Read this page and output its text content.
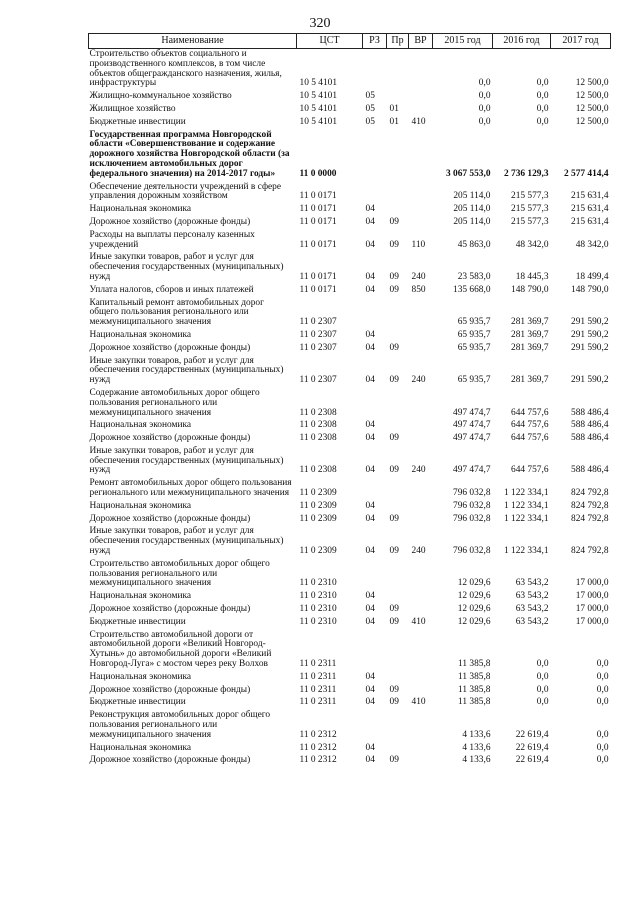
320
Наименование	ЦСТ	РЗ	Пр	ВР	2015 год	2016 год	2017 год
Строительство объектов социального и производственного комплексов, в том числе объектов общегражданского назначения, жилья, инфраструктуры	10 5 4101				0,0	0,0	12 500,0
Жилищно-коммунальное хозяйство	10 5 4101	05			0,0	0,0	12 500,0
Жилищное хозяйство	10 5 4101	05	01		0,0	0,0	12 500,0
Бюджетные инвестиции	10 5 4101	05	01	410	0,0	0,0	12 500,0
Государственная программа Новгородской области «Совершенствование и содержание дорожного хозяйства Новгородской области (за исключением автомобильных дорог федерального значения) на 2014-2017 годы»	11 0 0000				3 067 553,0	2 736 129,3	2 577 414,4
Обеспечение деятельности учреждений в сфере управления дорожным хозяйством	11 0 0171				205 114,0	215 577,3	215 631,4
Национальная экономика	11 0 0171	04			205 114,0	215 577,3	215 631,4
Дорожное хозяйство (дорожные фонды)	11 0 0171	04	09		205 114,0	215 577,3	215 631,4
Расходы на выплаты персоналу казенных учреждений	11 0 0171	04	09	110	45 863,0	48 342,0	48 342,0
Иные закупки товаров, работ и услуг для обеспечения государственных (муниципальных) нужд	11 0 0171	04	09	240	23 583,0	18 445,3	18 499,4
Уплата налогов, сборов и иных платежей	11 0 0171	04	09	850	135 668,0	148 790,0	148 790,0
Капитальный ремонт автомобильных дорог общего пользования регионального или межмуниципального значения	11 0 2307				65 935,7	281 369,7	291 590,2
Национальная экономика	11 0 2307	04			65 935,7	281 369,7	291 590,2
Дорожное хозяйство (дорожные фонды)	11 0 2307	04	09		65 935,7	281 369,7	291 590,2
Иные закупки товаров, работ и услуг для обеспечения государственных (муниципальных) нужд	11 0 2307	04	09	240	65 935,7	281 369,7	291 590,2
Содержание автомобильных дорог общего пользования регионального или межмуниципального значения	11 0 2308				497 474,7	644 757,6	588 486,4
Национальная экономика	11 0 2308	04			497 474,7	644 757,6	588 486,4
Дорожное хозяйство (дорожные фонды)	11 0 2308	04	09		497 474,7	644 757,6	588 486,4
Иные закупки товаров, работ и услуг для обеспечения государственных (муниципальных) нужд	11 0 2308	04	09	240	497 474,7	644 757,6	588 486,4
Ремонт автомобильных дорог общего пользования регионального или межмуниципального значения	11 0 2309				796 032,8	1 122 334,1	824 792,8
Национальная экономика	11 0 2309	04			796 032,8	1 122 334,1	824 792,8
Дорожное хозяйство (дорожные фонды)	11 0 2309	04	09		796 032,8	1 122 334,1	824 792,8
Иные закупки товаров, работ и услуг для обеспечения государственных (муниципальных) нужд	11 0 2309	04	09	240	796 032,8	1 122 334,1	824 792,8
Строительство автомобильных дорог общего пользования регионального или межмуниципального значения	11 0 2310				12 029,6	63 543,2	17 000,0
Национальная экономика	11 0 2310	04			12 029,6	63 543,2	17 000,0
Дорожное хозяйство (дорожные фонды)	11 0 2310	04	09		12 029,6	63 543,2	17 000,0
Бюджетные инвестиции	11 0 2310	04	09	410	12 029,6	63 543,2	17 000,0
Строительство автомобильной дороги от автомобильной дороги «Великий Новгород-Хутынь» до автомобильной дороги «Великий Новгород-Луга» с мостом через реку Волхов	11 0 2311				11 385,8	0,0	0,0
Национальная экономика	11 0 2311	04			11 385,8	0,0	0,0
Дорожное хозяйство (дорожные фонды)	11 0 2311	04	09		11 385,8	0,0	0,0
Бюджетные инвестиции	11 0 2311	04	09	410	11 385,8	0,0	0,0
Реконструкция автомобильных дорог общего пользования регионального или межмуниципального значения	11 0 2312				4 133,6	22 619,4	0,0
Национальная экономика	11 0 2312	04			4 133,6	22 619,4	0,0
Дорожное хозяйство (дорожные фонды)	11 0 2312	04	09		4 133,6	22 619,4	0,0
